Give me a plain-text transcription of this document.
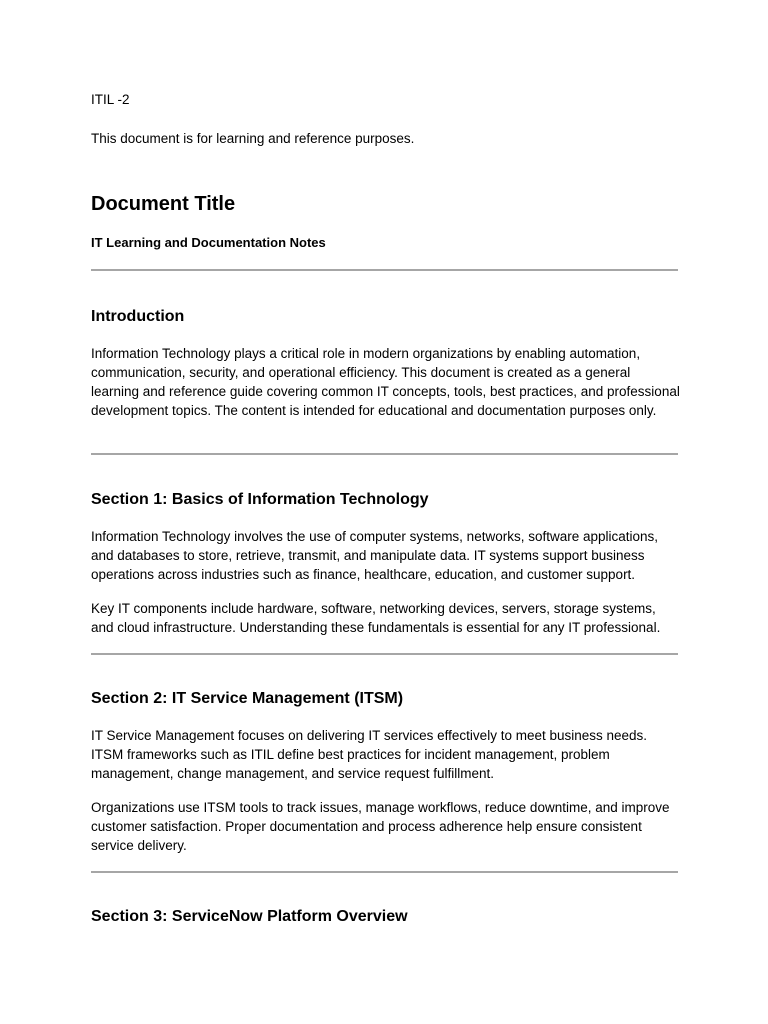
ITIL -2

This document is for learning and reference purposes.

Document Title

IT Learning and Documentation Notes

Introduction

Information Technology plays a critical role in modern organizations by enabling automation, communication, security, and operational efficiency. This document is created as a general learning and reference guide covering common IT concepts, tools, best practices, and professional development topics. The content is intended for educational and documentation purposes only.

Section 1: Basics of Information Technology

Information Technology involves the use of computer systems, networks, software applications, and databases to store, retrieve, transmit, and manipulate data. IT systems support business operations across industries such as finance, healthcare, education, and customer support.

Key IT components include hardware, software, networking devices, servers, storage systems, and cloud infrastructure. Understanding these fundamentals is essential for any IT professional.

Section 2: IT Service Management (ITSM)

IT Service Management focuses on delivering IT services effectively to meet business needs. ITSM frameworks such as ITIL define best practices for incident management, problem management, change management, and service request fulfillment.

Organizations use ITSM tools to track issues, manage workflows, reduce downtime, and improve customer satisfaction. Proper documentation and process adherence help ensure consistent service delivery.

Section 3: ServiceNow Platform Overview
